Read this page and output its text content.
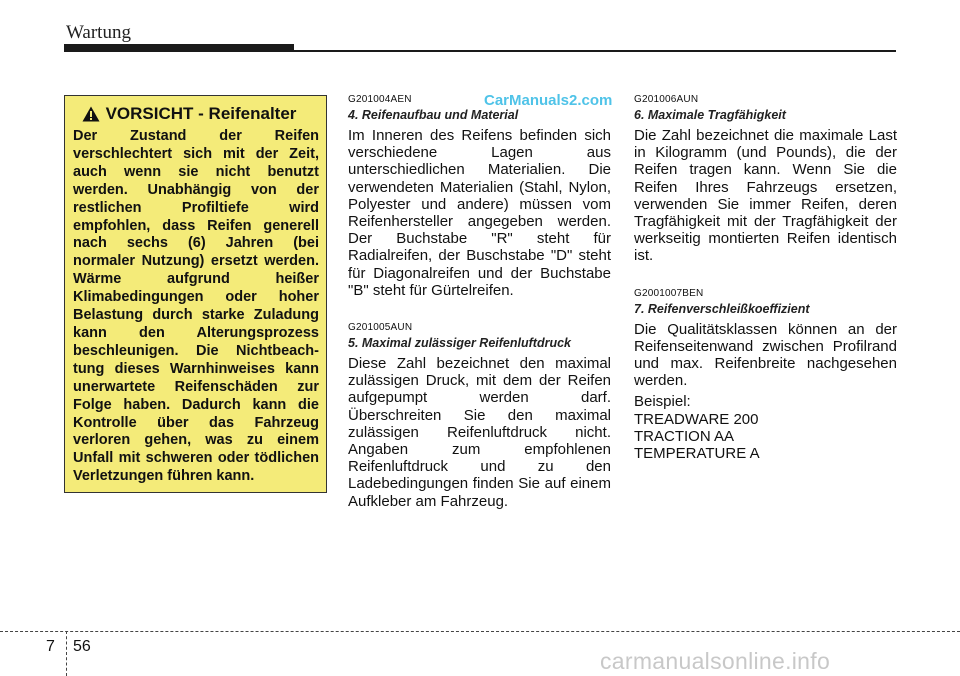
Wartung
VORSICHT - Reifenalter

Der Zustand der Reifen verschlechtert sich mit der Zeit, auch wenn sie nicht benutzt werden. Unabhängig von der restlichen Profiltiefe wird empfohlen, dass Reifen generell nach sechs (6) Jahren (bei normaler Nutzung) ersetzt werden. Wärme aufgrund heißer Klimabedingungen oder hoher Belastung durch starke Zuladung kann den Alterungsprozess beschleunigen. Die Nichtbeach-tung dieses Warnhinweises kann unerwartete Reifenschäden zur Folge haben. Dadurch kann die Kontrolle über das Fahrzeug verloren gehen, was zu einem Unfall mit schweren oder tödlichen Verletzungen führen kann.

CarManuals2.com

G201004AEN

4. Reifenaufbau und Material

Im Inneren des Reifens befinden sich verschiedene Lagen aus unterschiedlichen Materialien. Die verwendeten Materialien (Stahl, Nylon, Polyester und andere) müssen vom Reifenhersteller angegeben werden. Der Buchstabe "R" steht für Radialreifen, der Buschstabe "D" steht für Diagonalreifen und der Buchstabe "B" steht für Gürtelreifen.

G201005AUN

5. Maximal zulässiger Reifenluftdruck

Diese Zahl bezeichnet den maximal zulässigen Druck, mit dem der Reifen aufgepumpt werden darf. Überschreiten Sie den maximal zulässigen Reifenluftdruck nicht. Angaben zum empfohlenen Reifenluftdruck und zu den Ladebedingungen finden Sie auf einem Aufkleber am Fahrzeug.

G201006AUN

6. Maximale Tragfähigkeit

Die Zahl bezeichnet die maximale Last in Kilogramm (und Pounds), die der Reifen tragen kann. Wenn Sie die Reifen Ihres Fahrzeugs ersetzen, verwenden Sie immer Reifen, deren Tragfähigkeit mit der Tragfähigkeit der werkseitig montierten Reifen identisch ist.

G2001007BEN

7. Reifenverschleißkoeffizient

Die Qualitätsklassen können an der Reifenseitenwand zwischen Profilrand und max. Reifenbreite nachgesehen werden.

Beispiel:

TREADWARE 200

TRACTION AA

TEMPERATURE A

7 56
carmanualsonline.info
